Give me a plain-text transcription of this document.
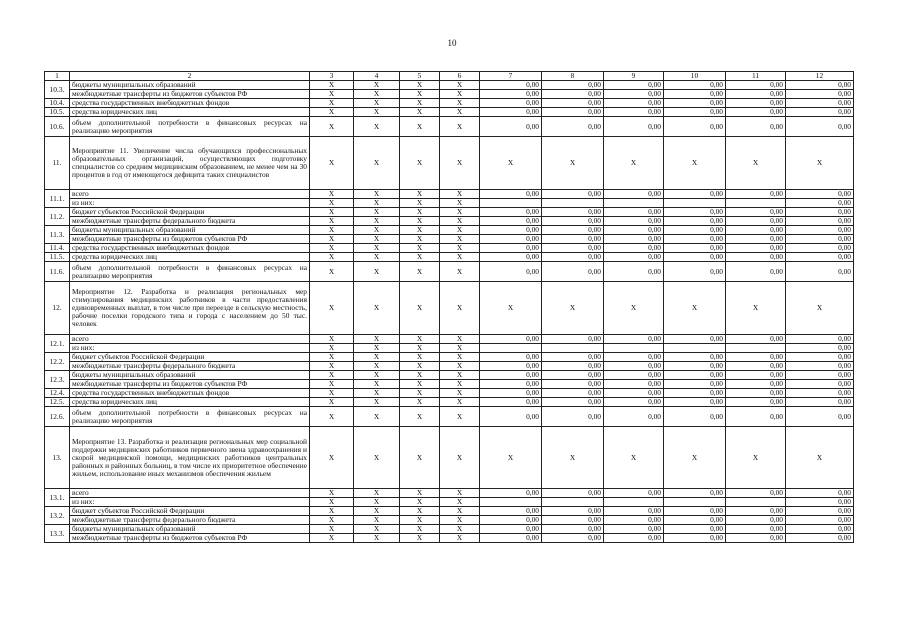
10
1	2	3	4	5	6	7	8	9	10	11	12
10.3.	бюджеты муниципальных образований	X	X	X	X	0,00	0,00	0,00	0,00	0,00	0,00
	межбюджетные трансферты из бюджетов субъектов РФ	X	X	X	X	0,00	0,00	0,00	0,00	0,00	0,00
10.4.	средства государственных внебюджетных фондов	X	X	X	X	0,00	0,00	0,00	0,00	0,00	0,00
10.5.	средства юридических лиц	X	X	X	X	0,00	0,00	0,00	0,00	0,00	0,00
10.6.	объем дополнительной потребности в финансовых ресурсах на реализацию мероприятия	X	X	X	X	0,00	0,00	0,00	0,00	0,00	0,00
11.	Мероприятие 11. Увеличение числа обучающихся профессиональных образовательных организаций, осуществляющих подготовку специалистов со средним медицинским образованием, не менее чем на 30 процентов в год от имеющегося дефицита таких специалистов	X	X	X	X	X	X	X	X	X	X
11.1.	всего	X	X	X	X	0,00	0,00	0,00	0,00	0,00	0,00
	из них:	X	X	X	X						0,00
11.2.	бюджет субъектов Российской Федерации	X	X	X	X	0,00	0,00	0,00	0,00	0,00	0,00
	межбюджетные трансферты федерального бюджета	X	X	X	X	0,00	0,00	0,00	0,00	0,00	0,00
11.3.	бюджеты муниципальных образований	X	X	X	X	0,00	0,00	0,00	0,00	0,00	0,00
	межбюджетные трансферты из бюджетов субъектов РФ	X	X	X	X	0,00	0,00	0,00	0,00	0,00	0,00
11.4.	средства государственных внебюджетных фондов	X	X	X	X	0,00	0,00	0,00	0,00	0,00	0,00
11.5.	средства юридических лиц	X	X	X	X	0,00	0,00	0,00	0,00	0,00	0,00
11.6.	объем дополнительной потребности в финансовых ресурсах на реализацию мероприятия	X	X	X	X	0,00	0,00	0,00	0,00	0,00	0,00
12.	Мероприятие 12. Разработка и реализация региональных мер стимулирования медицинских работников в части предоставления единовременных выплат, в том числе при переезде в сельскую местность, рабочие поселки городского типа и города с населением до 50 тыс. человек	X	X	X	X	X	X	X	X	X	X
12.1.	всего	X	X	X	X	0,00	0,00	0,00	0,00	0,00	0,00
	из них:	X	X	X	X						0,00
12.2.	бюджет субъектов Российской Федерации	X	X	X	X	0,00	0,00	0,00	0,00	0,00	0,00
	межбюджетные трансферты федерального бюджета	X	X	X	X	0,00	0,00	0,00	0,00	0,00	0,00
12.3.	бюджеты муниципальных образований	X	X	X	X	0,00	0,00	0,00	0,00	0,00	0,00
	межбюджетные трансферты из бюджетов субъектов РФ	X	X	X	X	0,00	0,00	0,00	0,00	0,00	0,00
12.4.	средства государственных внебюджетных фондов	X	X	X	X	0,00	0,00	0,00	0,00	0,00	0,00
12.5.	средства юридических лиц	X	X	X	X	0,00	0,00	0,00	0,00	0,00	0,00
12.6.	объем дополнительной потребности в финансовых ресурсах на реализацию мероприятия	X	X	X	X	0,00	0,00	0,00	0,00	0,00	0,00
13.	Мероприятие 13. Разработка и реализация региональных мер социальной поддержки медицинских работников первичного звена здравоохранения и скорой медицинской помощи, медицинских работников центральных районных и районных больниц, в том числе их приоритетное обеспечение жильем, использование иных механизмов обеспечения жильем	X	X	X	X	X	X	X	X	X	X
13.1.	всего	X	X	X	X	0,00	0,00	0,00	0,00	0,00	0,00
	из них:	X	X	X	X						0,00
13.2.	бюджет субъектов Российской Федерации	X	X	X	X	0,00	0,00	0,00	0,00	0,00	0,00
	межбюджетные трансферты федерального бюджета	X	X	X	X	0,00	0,00	0,00	0,00	0,00	0,00
13.3.	бюджеты муниципальных образований	X	X	X	X	0,00	0,00	0,00	0,00	0,00	0,00
	межбюджетные трансферты из бюджетов субъектов РФ	X	X	X	X	0,00	0,00	0,00	0,00	0,00	0,00
